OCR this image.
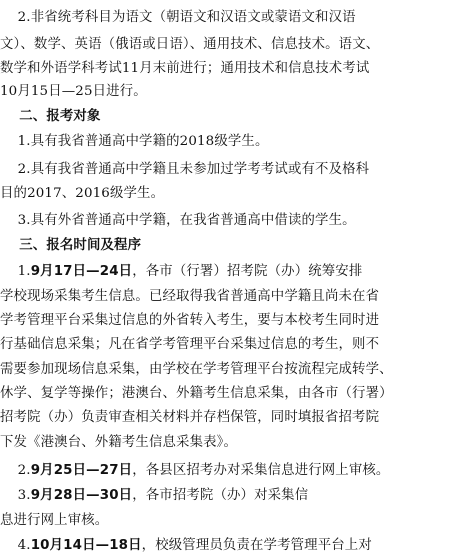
2.非省统考科目为语文（朝语文和汉语文或蒙语文和汉语
文）、数学、英语（俄语或日语）、通用技术、信息技术。语文、
数学和外语学科考试11月末前进行；通用技术和信息技术考试
10月15日—25日进行。
二、报考对象
1.具有我省普通高中学籍的2018级学生。
2.具有我省普通高中学籍且未参加过学考考试或有不及格科
目的2017、2016级学生。
3.具有外省普通高中学籍，在我省普通高中借读的学生。
三、报名时间及程序
1.9月17日—24日，各市（行署）招考院（办）统筹安排
学校现场采集考生信息。已经取得我省普通高中学籍且尚未在省
学考管理平台采集过信息的外省转入考生，要与本校考生同时进
行基础信息采集；凡在省学考管理平台采集过信息的考生，则不
需要参加现场信息采集，由学校在学考管理平台按流程完成转学、
休学、复学等操作；港澳台、外籍考生信息采集，由各市（行署）
招考院（办）负责审查相关材料并存档保管，同时填报省招考院
下发《港澳台、外籍考生信息采集表》。
2.9月25日—27日，各县区招考办对采集信息进行网上审核。
3.9月28日—30日，各市招考院（办）对采集信
息进行网上审核。
4.10月14日—18日，校级管理员负责在学考管理平台上对
